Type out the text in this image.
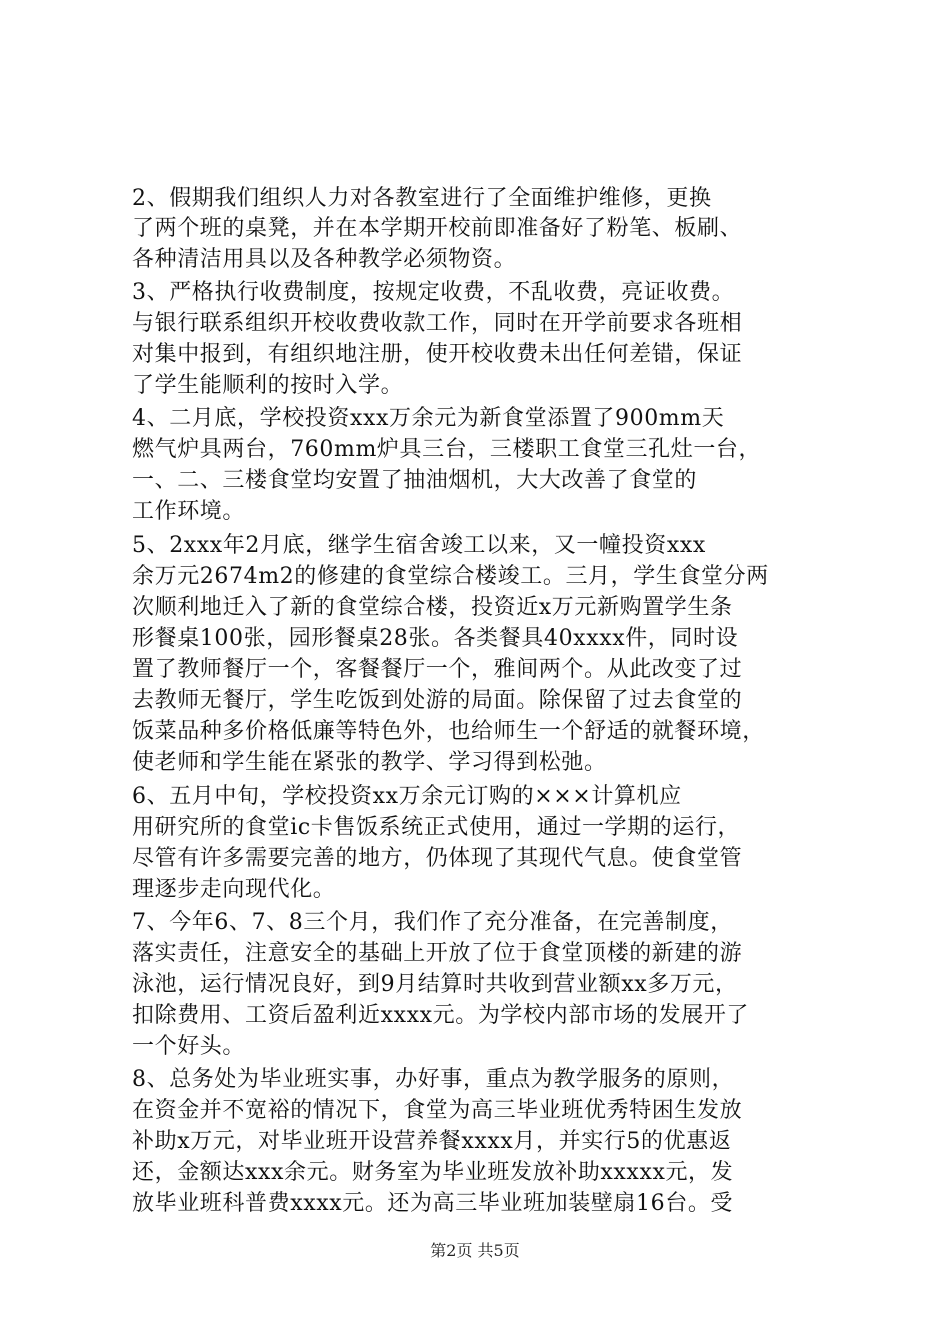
2、假期我们组织人力对各教室进行了全面维护维修，更换
了两个班的桌凳，并在本学期开校前即准备好了粉笔、板刷、
各种清洁用具以及各种教学必须物资。
3、严格执行收费制度，按规定收费，不乱收费，亮证收费。
与银行联系组织开校收费收款工作，同时在开学前要求各班相
对集中报到，有组织地注册，使开校收费未出任何差错，保证
了学生能顺利的按时入学。
4、二月底，学校投资xxx万余元为新食堂添置了900mm天
燃气炉具两台，760mm炉具三台，三楼职工食堂三孔灶一台，
一、二、三楼食堂均安置了抽油烟机，大大改善了食堂的
工作环境。
5、2xxx年2月底，继学生宿舍竣工以来，又一幢投资xxx
余万元2674m2的修建的食堂综合楼竣工。三月，学生食堂分两
次顺利地迁入了新的食堂综合楼，投资近x万元新购置学生条
形餐桌100张，园形餐桌28张。各类餐具40xxxx件，同时设
置了教师餐厅一个，客餐餐厅一个，雅间两个。从此改变了过
去教师无餐厅，学生吃饭到处游的局面。除保留了过去食堂的
饭菜品种多价格低廉等特色外，也给师生一个舒适的就餐环境，
使老师和学生能在紧张的教学、学习得到松弛。
6、五月中旬，学校投资xx万余元订购的×××计算机应
用研究所的食堂ic卡售饭系统正式使用，通过一学期的运行，
尽管有许多需要完善的地方，仍体现了其现代气息。使食堂管
理逐步走向现代化。
7、今年6、7、8三个月，我们作了充分准备，在完善制度，
落实责任，注意安全的基础上开放了位于食堂顶楼的新建的游
泳池，运行情况良好，到9月结算时共收到营业额xx多万元，
扣除费用、工资后盈利近xxxx元。为学校内部市场的发展开了
一个好头。
8、总务处为毕业班实事，办好事，重点为教学服务的原则，
在资金并不宽裕的情况下，食堂为高三毕业班优秀特困生发放
补助x万元，对毕业班开设营养餐xxxx月，并实行5的优惠返
还，金额达xxx余元。财务室为毕业班发放补助xxxxx元，发
放毕业班科普费xxxx元。还为高三毕业班加装壁扇16台。受
第2页 共5页
